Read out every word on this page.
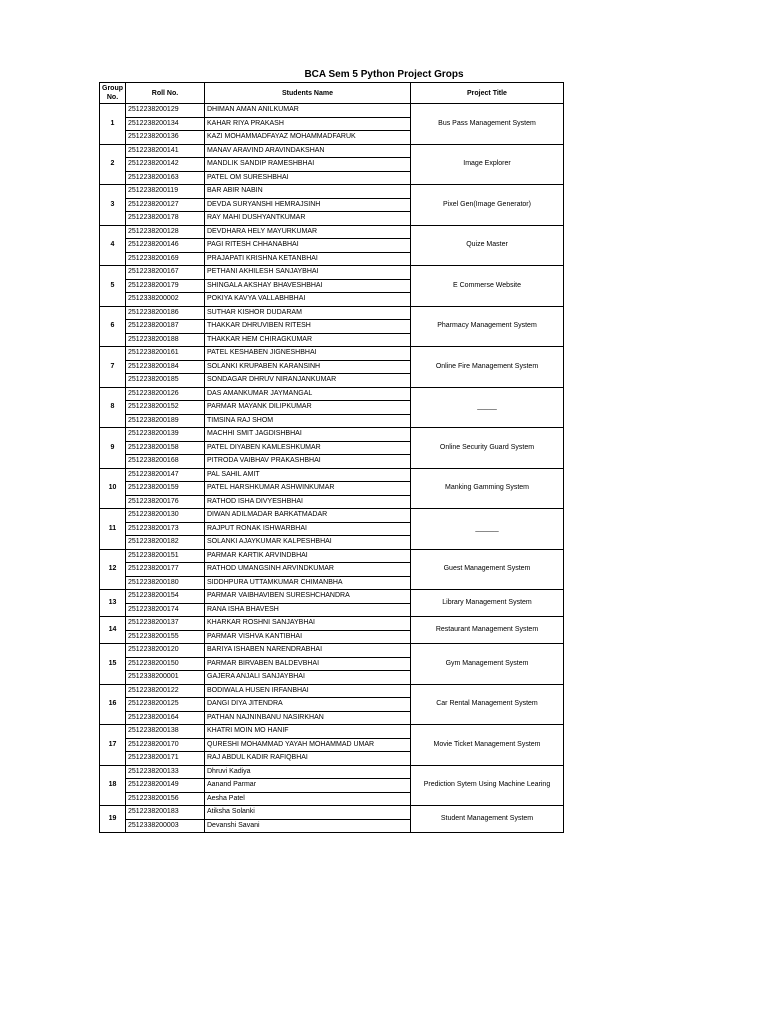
BCA Sem 5 Python Project Grops
Group No.	Roll No.	Students Name	Project Title
1	2512238200129	DHIMAN AMAN ANILKUMAR	Bus Pass Management System
	2512238200134	KAHAR RIYA PRAKASH	
	2512238200136	KAZI MOHAMMADFAYAZ MOHAMMADFARUK	
2	2512238200141	MANAV ARAVIND ARAVINDAKSHAN	Image Explorer
	2512238200142	MANDLIK SANDIP RAMESHBHAI	
	2512238200163	PATEL OM SURESHBHAI	
3	2512238200119	BAR ABIR NABIN	Pixel Gen(Image Generator)
	2512238200127	DEVDA SURYANSHI HEMRAJSINH	
	2512238200178	RAY MAHI DUSHYANTKUMAR	
4	2512238200128	DEVDHARA HELY MAYURKUMAR	Quize Master
	2512238200146	PAGI RITESH CHHANABHAI	
	2512238200169	PRAJAPATI KRISHNA KETANBHAI	
5	2512238200167	PETHANI AKHILESH SANJAYBHAI	E Commerse Website
	2512238200179	SHINGALA AKSHAY BHAVESHBHAI	
	2512338200002	POKIYA KAVYA VALLABHBHAI	
6	2512238200186	SUTHAR KISHOR DUDARAM	Pharmacy Management System
	2512238200187	THAKKAR DHRUVIBEN RITESH	
	2512238200188	THAKKAR HEM CHIRAGKUMAR	
7	2512238200161	PATEL KESHABEN JIGNESHBHAI	Online Fire Management System
	2512238200184	SOLANKI KRUPABEN KARANSINH	
	2512238200185	SONDAGAR DHRUV NIRANJANKUMAR	
8	2512238200126	DAS AMANKUMAR JAYMANGAL	_____
	2512238200152	PARMAR MAYANK DILIPKUMAR	
	2512238200189	TIMSINA RAJ SHOM	
9	2512238200139	MACHHI SMIT JAGDISHBHAI	Online Security Guard System
	2512238200158	PATEL DIYABEN KAMLESHKUMAR	
	2512238200168	PITRODA VAIBHAV PRAKASHBHAI	
10	2512238200147	PAL SAHIL AMIT	Manking Gamming System
	2512238200159	PATEL HARSHKUMAR ASHWINKUMAR	
	2512238200176	RATHOD ISHA DIVYESHBHAI	
11	2512238200130	DIWAN ADILMADAR BARKATMADAR	______
	2512238200173	RAJPUT RONAK ISHWARBHAI	
	2512238200182	SOLANKI AJAYKUMAR KALPESHBHAI	
12	2512238200151	PARMAR KARTIK ARVINDBHAI	Guest Management System
	2512238200177	RATHOD UMANGSINH ARVINDKUMAR	
	2512238200180	SIDDHPURA UTTAMKUMAR CHIMANBHA	
13	2512238200154	PARMAR VAIBHAVIBEN SURESHCHANDRA	Library Management System
	2512238200174	RANA ISHA BHAVESH	
14	2512238200137	KHARKAR ROSHNI SANJAYBHAI	Restaurant Management System
	2512238200155	PARMAR VISHVA KANTIBHAI	
15	2512238200120	BARIYA ISHABEN NARENDRABHAI	Gym Management System
	2512238200150	PARMAR BIRVABEN BALDEVBHAI	
	2512338200001	GAJERA ANJALI SANJAYBHAI	
16	2512238200122	BODIWALA HUSEN IRFANBHAI	Car Rental Management System
	2512238200125	DANGI DIYA JITENDRA	
	2512238200164	PATHAN NAJNINBANU NASIRKHAN	
17	2512238200138	KHATRI MOIN MO HANIF	Movie Ticket Management System
	2512238200170	QURESHI MOHAMMAD YAYAH MOHAMMAD UMAR	
	2512238200171	RAJ ABDUL KADIR RAFIQBHAI	
18	2512238200133	Dhruvi Kadiya	Prediction Sytem Using Machine Learing
	2512238200149	Aanand Parmar	
	2512238200156	Aesha Patel	
19	2512238200183	Atiksha Solanki	Student Management System
	2512338200003	Devanshi Savani	
